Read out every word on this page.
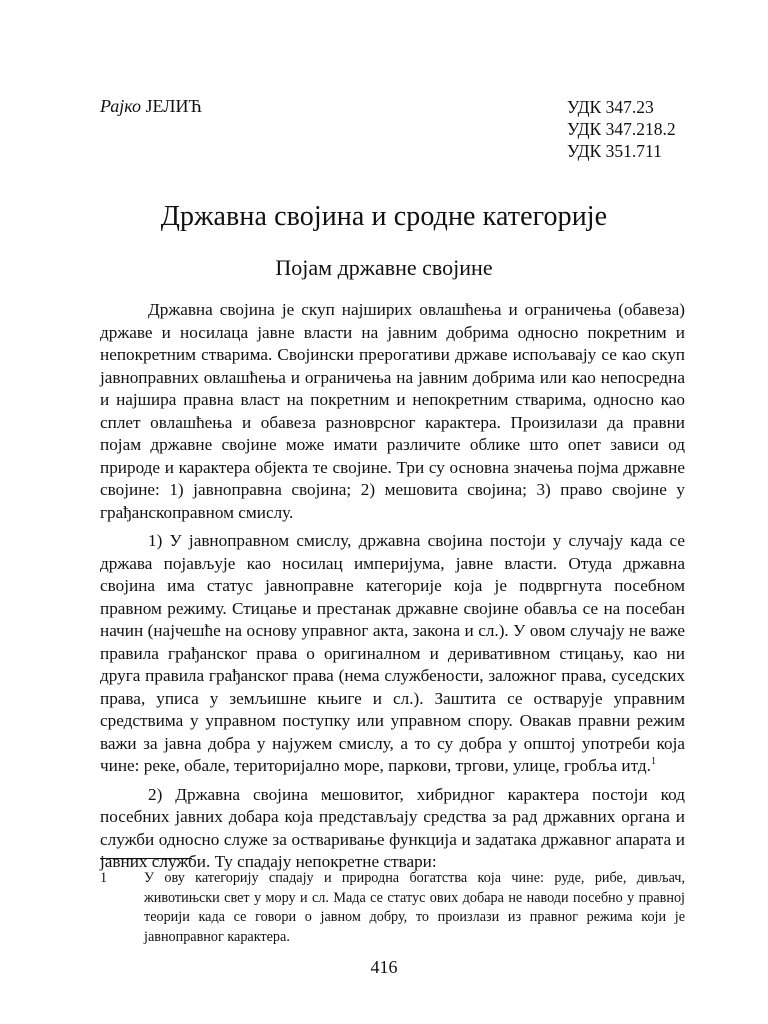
Рајко ЈЕЛИЋ	УДК 347.23
УДК 347.218.2
УДК 351.711
Државна својина и сродне категорије
Појам државне својине

Државна својина је скуп најширих овлашћења и ограничења (обавеза) државе и носилаца јавне власти на јавним добрима односно покретним и непокретним стварима. Својински прерогативи државе испољавају се као скуп јавноправних овлашћења и ограничења на јавним добрима или као непосредна и најшира правна власт на покретним и непокретним стварима, односно као сплет овлашћења и обавеза разноврсног карактера. Произилази да правни појам државне својине може имати различите облике што опет зависи од природе и карактера објекта те својине. Три су основна значења појма државне својине: 1) јавноправна својина; 2) мешовита својина; 3) право својине у грађанскоправном смислу.

1) У јавноправном смислу, државна својина постоји у случају када се држава појављује као носилац империјума, јавне власти. Отуда државна својина има статус јавноправне категорије која је подвргнута посебном правном режиму. Стицање и престанак државне својине обавља се на посебан начин (најчешће на основу управног акта, закона и сл.). У овом случају не важе правила грађанског права о оригиналном и деривативном стицању, као ни друга правила грађанског права (нема службености, заложног права, суседских права, уписа у земљишне књиге и сл.). Заштита се остварује управним средствима у управном поступку или управном спору. Овакав правни режим важи за јавна добра у најужем смислу, а то су добра у општој употреби која чине: реке, обале, територијално море, паркови, тргови, улице, гробља итд.$^1$

2) Државна својина мешовитог, хибридног карактера постоји код посебних јавних добара која представљају средства за рад државних органа и служби односно служе за остваривање функција и задатака државног апарата и јавних служби. Ту спадају непокретне ствари:

1	У ову категорију спадају и природна богатства која чине: руде, рибе, дивљач, животињски свет у мору и сл. Мада се статус ових добара не наводи посебно у правној теорији када се говори о јавном добру, то произлази из правног режима који је јавноправног карактера.
416
